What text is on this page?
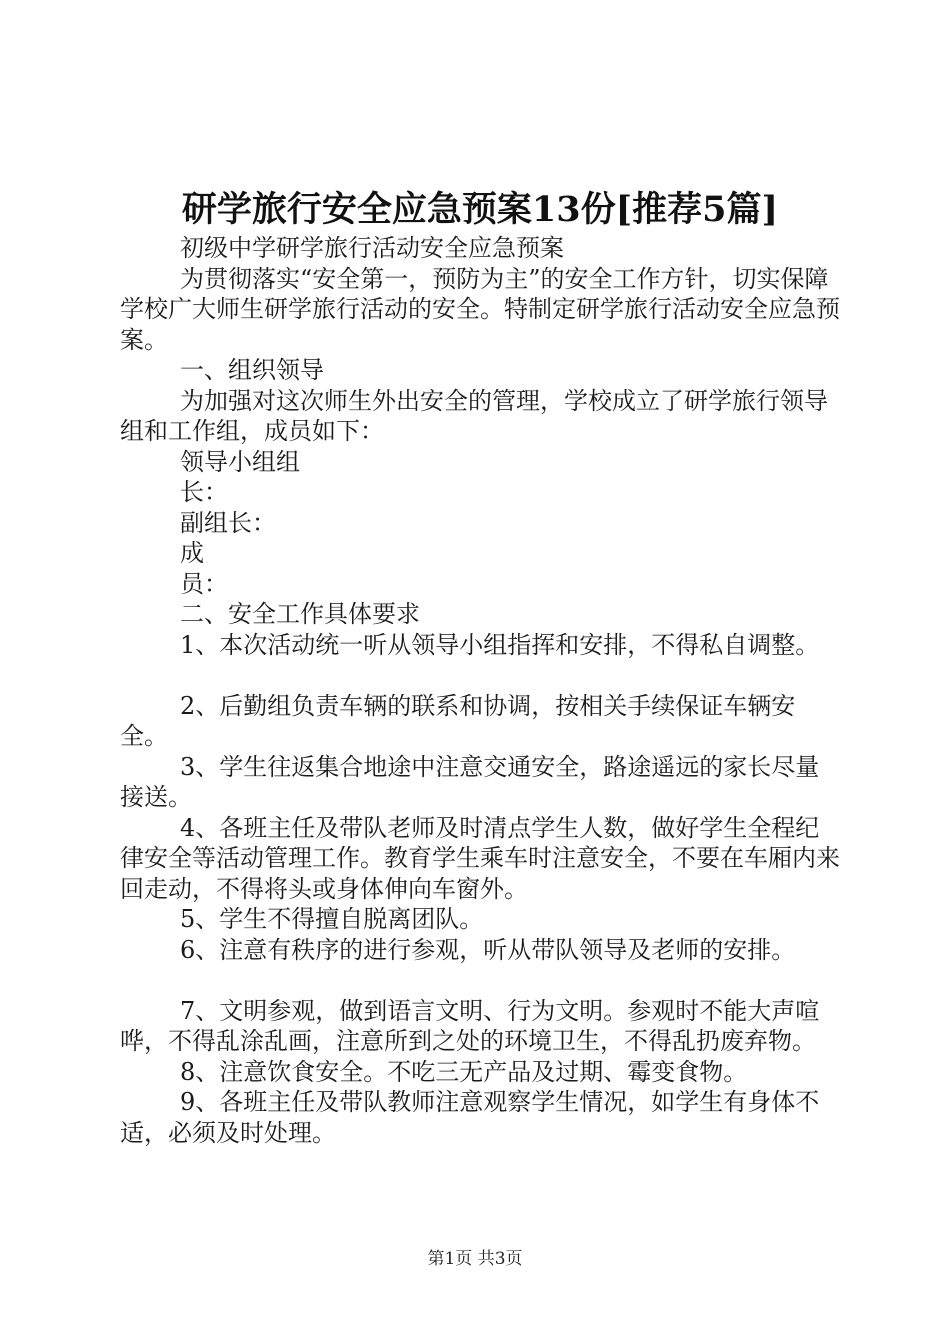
研学旅行安全应急预案13份[推荐5篇]

初级中学研学旅行活动安全应急预案

为贯彻落实“安全第一，预防为主”的安全工作方针，切实保障学校广大师生研学旅行活动的安全。特制定研学旅行活动安全应急预案。

一、组织领导

为加强对这次师生外出安全的管理，学校成立了研学旅行领导组和工作组，成员如下：

领导小组组

长：

副组长：

成

员：

二、安全工作具体要求

1、本次活动统一听从领导小组指挥和安排，不得私自调整。

2、后勤组负责车辆的联系和协调，按相关手续保证车辆安全。

3、学生往返集合地途中注意交通安全，路途遥远的家长尽量接送。

4、各班主任及带队老师及时清点学生人数，做好学生全程纪律安全等活动管理工作。教育学生乘车时注意安全，不要在车厢内来回走动，不得将头或身体伸向车窗外。

5、学生不得擅自脱离团队。

6、注意有秩序的进行参观，听从带队领导及老师的安排。

7、文明参观，做到语言文明、行为文明。参观时不能大声喧哗，不得乱涂乱画，注意所到之处的环境卫生，不得乱扔废弃物。

8、注意饮食安全。不吃三无产品及过期、霉变食物。

9、各班主任及带队教师注意观察学生情况，如学生有身体不适，必须及时处理。

第1页 共3页
